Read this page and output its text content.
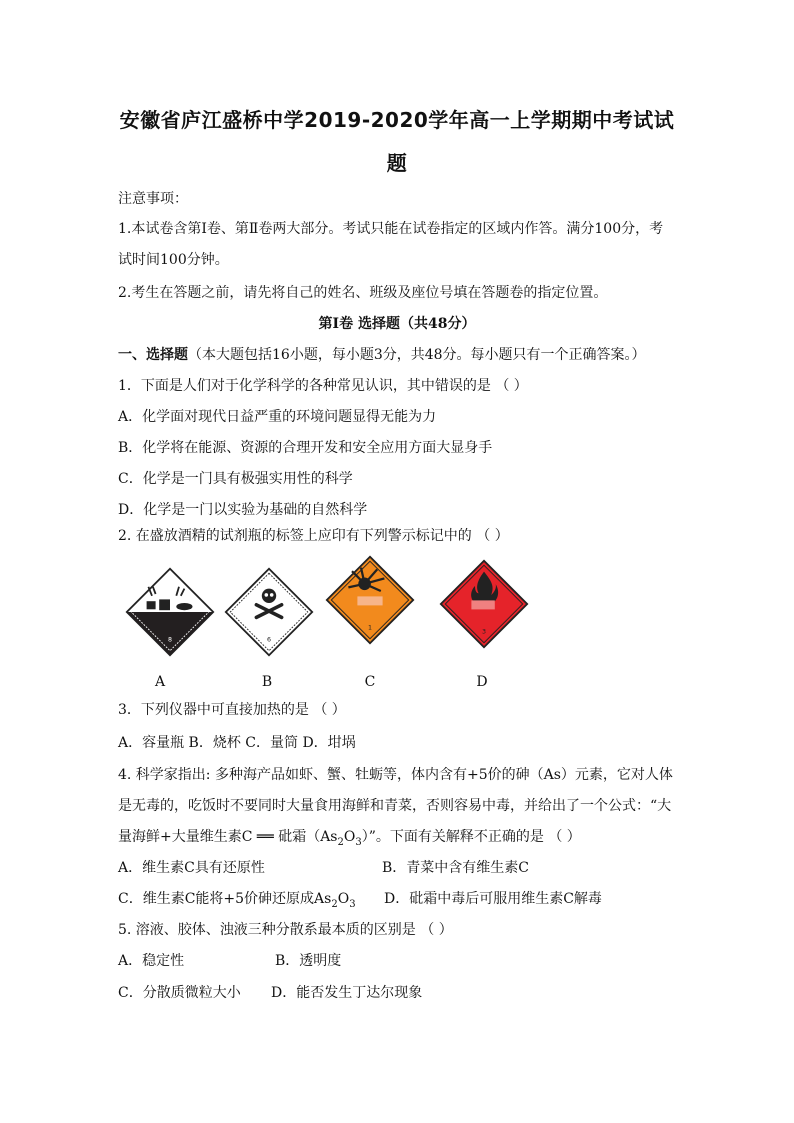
安徽省庐江盛桥中学2019-2020学年高一上学期期中考试试
题
注意事项：
1.本试卷含第Ⅰ卷、第Ⅱ卷两大部分。考试只能在试卷指定的区域内作答。满分100分，考
试时间100分钟。
2.考生在答题之前，请先将自己的姓名、班级及座位号填在答题卷的指定位置。
第Ⅰ卷 选择题（共48分）
一、选择题（本大题包括16小题，每小题3分，共48分。每小题只有一个正确答案。）
1．下面是人们对于化学科学的各种常见认识，其中错误的是 （ ）
A．化学面对现代日益严重的环境问题显得无能为力
B．化学将在能源、资源的合理开发和安全应用方面大显身手
C．化学是一门具有极强实用性的科学
D．化学是一门以实验为基础的自然科学
2. 在盛放酒精的试剂瓶的标签上应印有下列警示标记中的 （ ）
8
A
6
B
1
C
3
D
3．下列仪器中可直接加热的是 （ ）
A．容量瓶 B．烧杯 C．量筒 D．坩埚
4. 科学家指出: 多种海产品如虾、蟹、牡蛎等，体内含有+5价的砷（As）元素，它对人体
是无毒的，吃饭时不要同时大量食用海鲜和青菜，否则容易中毒，并给出了一个公式：“大
量海鲜+大量维生素C ══ 砒霜$(As_2O_3)$”。下面有关解释不正确的是 （ ）
A．维生素C具有还原性	B．青菜中含有维生素C
C．维生素C能将+5价砷还原成$As_2O_3$ D．砒霜中毒后可服用维生素C解毒
5. 溶液、胶体、浊液三种分散系最本质的区别是 （ ）
A．稳定性	B．透明度
C．分散质微粒大小 D．能否发生丁达尔现象
